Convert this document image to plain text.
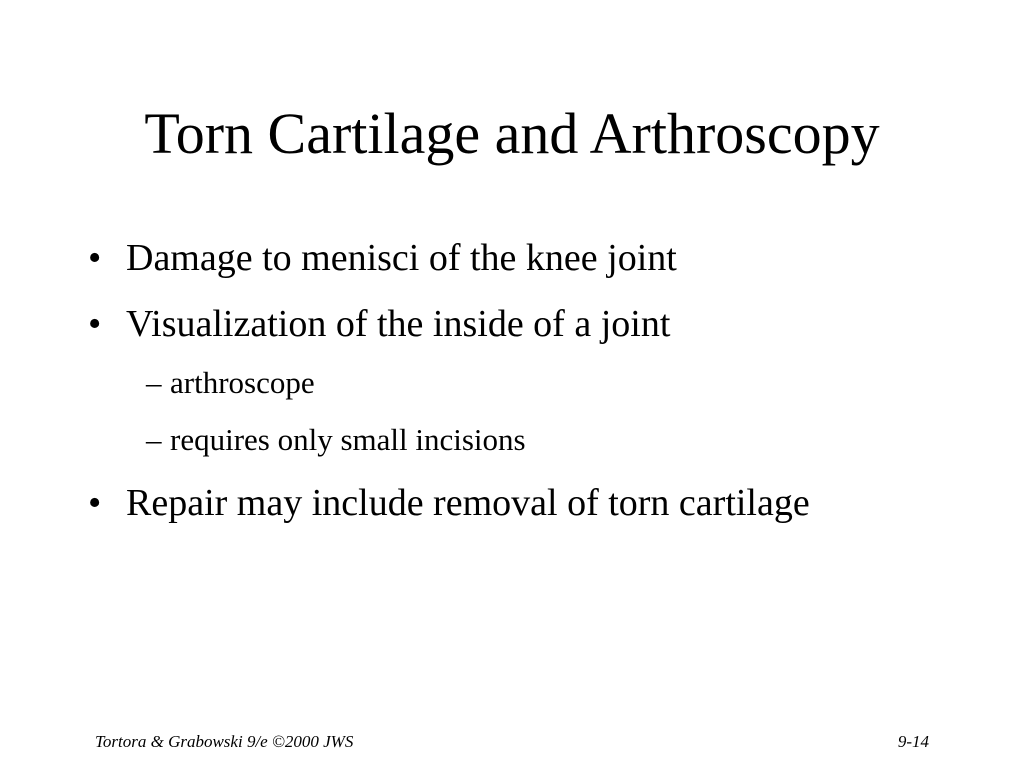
Torn Cartilage and Arthroscopy
• Damage to menisci of the knee joint
• Visualization of the inside of a joint
– arthroscope
– requires only small incisions
• Repair may include removal of torn cartilage
Tortora & Grabowski 9/e ©2000 JWS	9-14
